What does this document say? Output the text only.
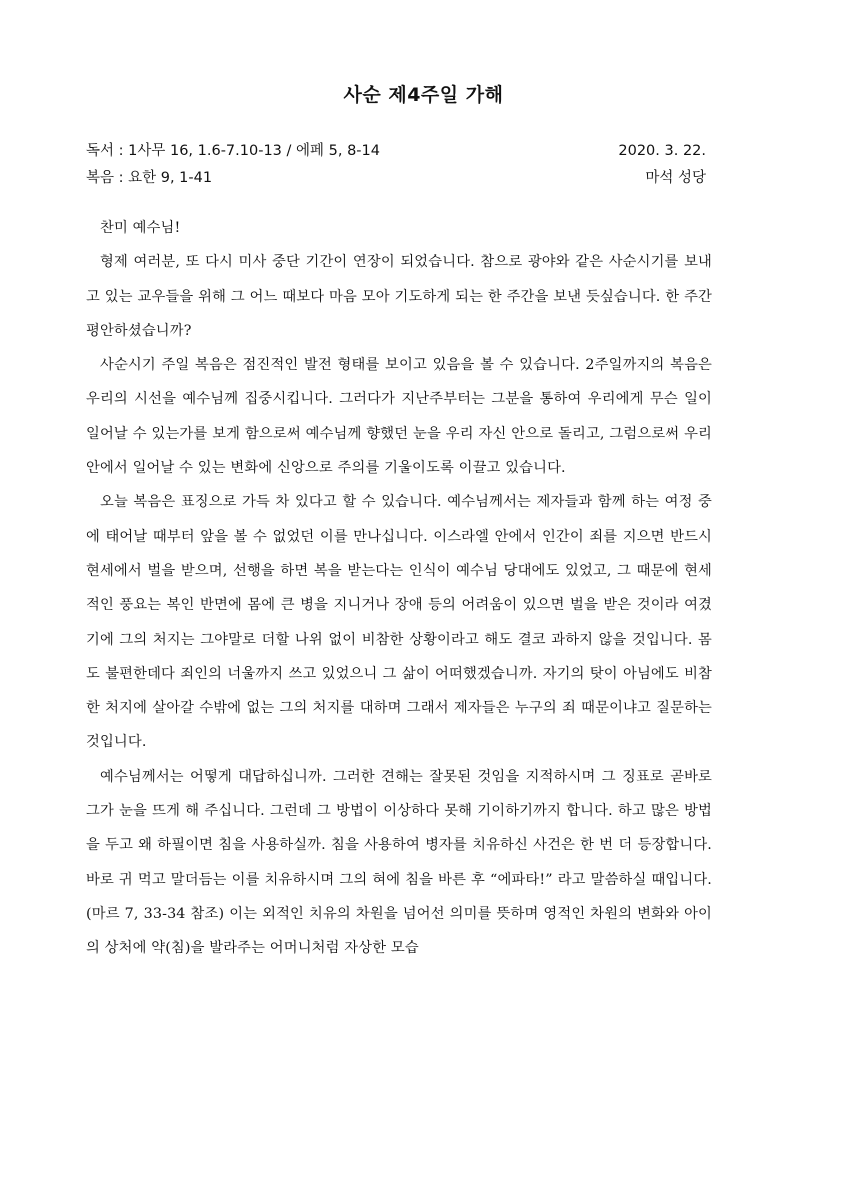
사순 제4주일 가해
독서 : 1사무 16, 1.6-7.10-13 / 에페 5, 8-14	2020. 3. 22.
복음 : 요한 9, 1-41	마석 성당

찬미 예수님!

형제 여러분, 또 다시 미사 중단 기간이 연장이 되었습니다. 참으로 광야와 같은 사순시기를 보내고 있는 교우들을 위해 그 어느 때보다 마음 모아 기도하게 되는 한 주간을 보낸 듯싶습니다. 한 주간 평안하셨습니까?

사순시기 주일 복음은 점진적인 발전 형태를 보이고 있음을 볼 수 있습니다. 2주일까지의 복음은 우리의 시선을 예수님께 집중시킵니다. 그러다가 지난주부터는 그분을 통하여 우리에게 무슨 일이 일어날 수 있는가를 보게 함으로써 예수님께 향했던 눈을 우리 자신 안으로 돌리고, 그럼으로써 우리 안에서 일어날 수 있는 변화에 신앙으로 주의를 기울이도록 이끌고 있습니다.

오늘 복음은 표징으로 가득 차 있다고 할 수 있습니다. 예수님께서는 제자들과 함께 하는 여정 중에 태어날 때부터 앞을 볼 수 없었던 이를 만나십니다. 이스라엘 안에서 인간이 죄를 지으면 반드시 현세에서 벌을 받으며, 선행을 하면 복을 받는다는 인식이 예수님 당대에도 있었고, 그 때문에 현세적인 풍요는 복인 반면에 몸에 큰 병을 지니거나 장애 등의 어려움이 있으면 벌을 받은 것이라 여겼기에 그의 처지는 그야말로 더할 나위 없이 비참한 상황이라고 해도 결코 과하지 않을 것입니다. 몸도 불편한데다 죄인의 너울까지 쓰고 있었으니 그 삶이 어떠했겠습니까. 자기의 탓이 아님에도 비참한 처지에 살아갈 수밖에 없는 그의 처지를 대하며 그래서 제자들은 누구의 죄 때문이냐고 질문하는 것입니다.

예수님께서는 어떻게 대답하십니까. 그러한 견해는 잘못된 것임을 지적하시며 그 징표로 곧바로 그가 눈을 뜨게 해 주십니다. 그런데 그 방법이 이상하다 못해 기이하기까지 합니다. 하고 많은 방법을 두고 왜 하필이면 침을 사용하실까. 침을 사용하여 병자를 치유하신 사건은 한 번 더 등장합니다. 바로 귀 먹고 말더듬는 이를 치유하시며 그의 혀에 침을 바른 후 “에파타!” 라고 말씀하실 때입니다.(마르 7, 33-34 참조) 이는 외적인 치유의 차원을 넘어선 의미를 뜻하며 영적인 차원의 변화와 아이의 상처에 약(침)을 발라주는 어머니처럼 자상한 모습
